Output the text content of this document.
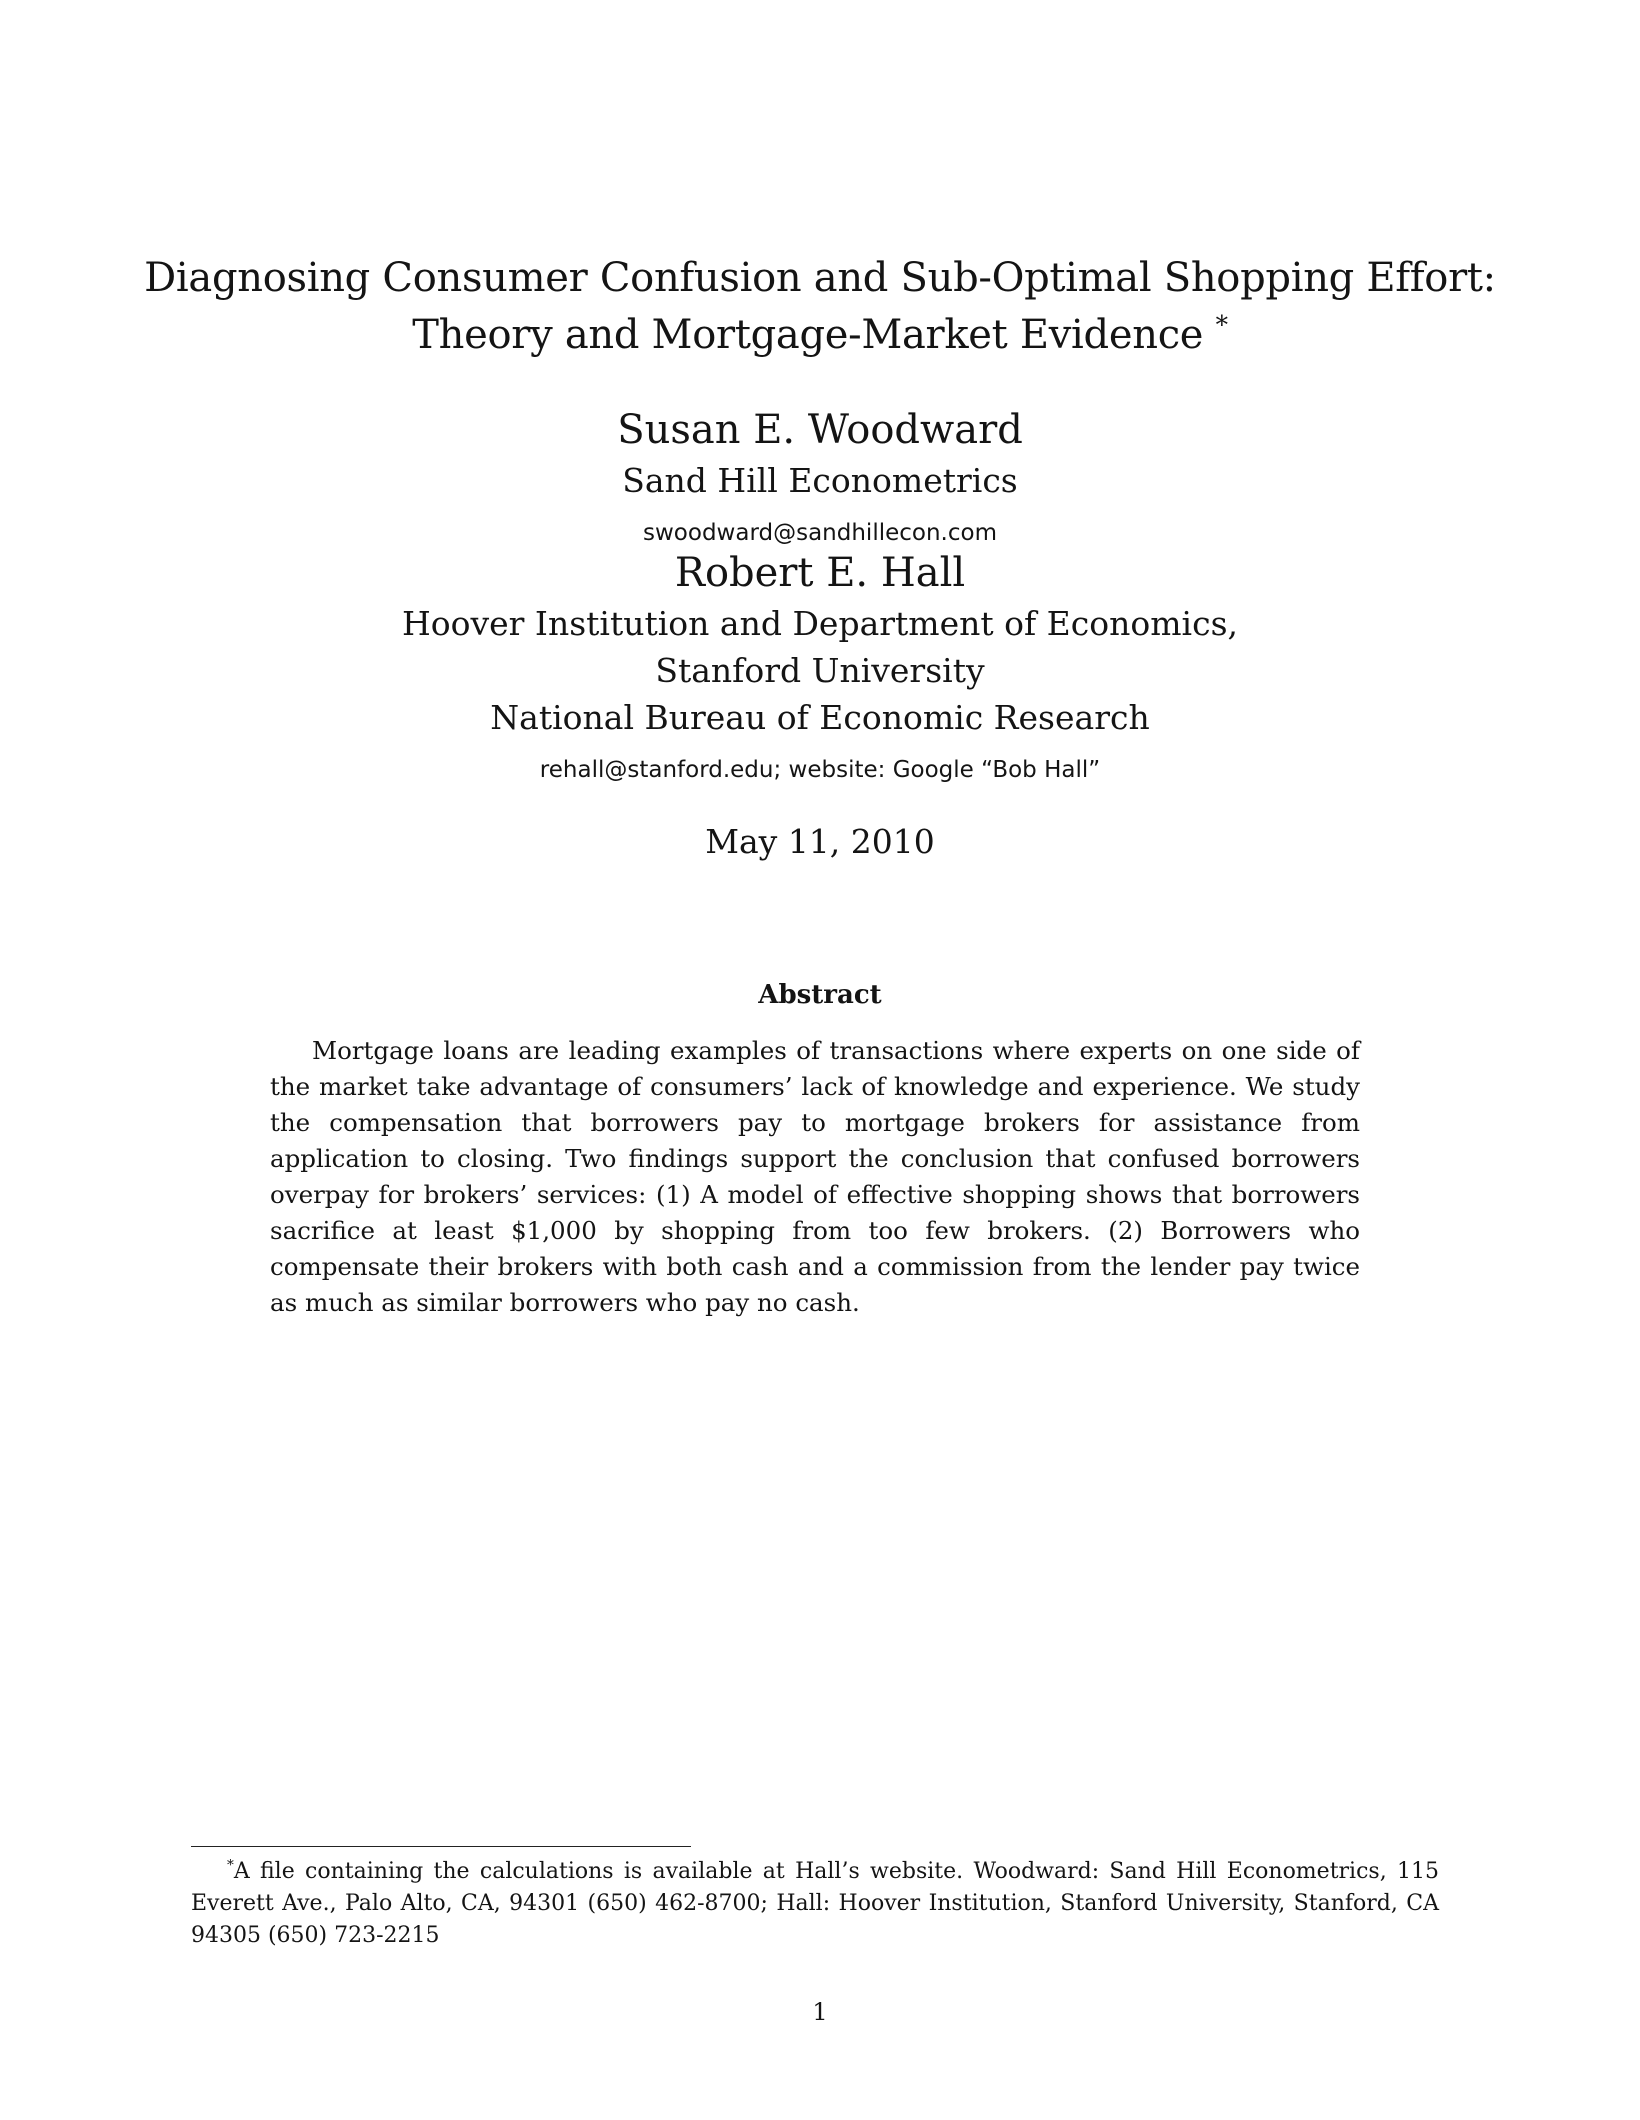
Diagnosing Consumer Confusion and Sub-Optimal Shopping Effort:
Theory and Mortgage-Market Evidence *
Susan E. Woodward
Sand Hill Econometrics
swoodward@sandhillecon.com
Robert E. Hall
Hoover Institution and Department of Economics,
Stanford University
National Bureau of Economic Research
rehall@stanford.edu; website: Google “Bob Hall”
May 11, 2010
Abstract

Mortgage loans are leading examples of transactions where experts on one side of the market take advantage of consumers’ lack of knowledge and experience. We study the compensation that borrowers pay to mortgage brokers for assistance from application to closing. Two findings support the conclusion that confused borrowers overpay for brokers’ services: (1) A model of effective shopping shows that borrowers sacrifice at least $1,000 by shopping from too few brokers. (2) Borrowers who compensate their brokers with both cash and a commission from the lender pay twice as much as similar borrowers who pay no cash.

*A file containing the calculations is available at Hall’s website. Woodward: Sand Hill Econometrics, 115 Everett Ave., Palo Alto, CA, 94301 (650) 462-8700; Hall: Hoover Institution, Stanford University, Stanford, CA 94305 (650) 723-2215

1
